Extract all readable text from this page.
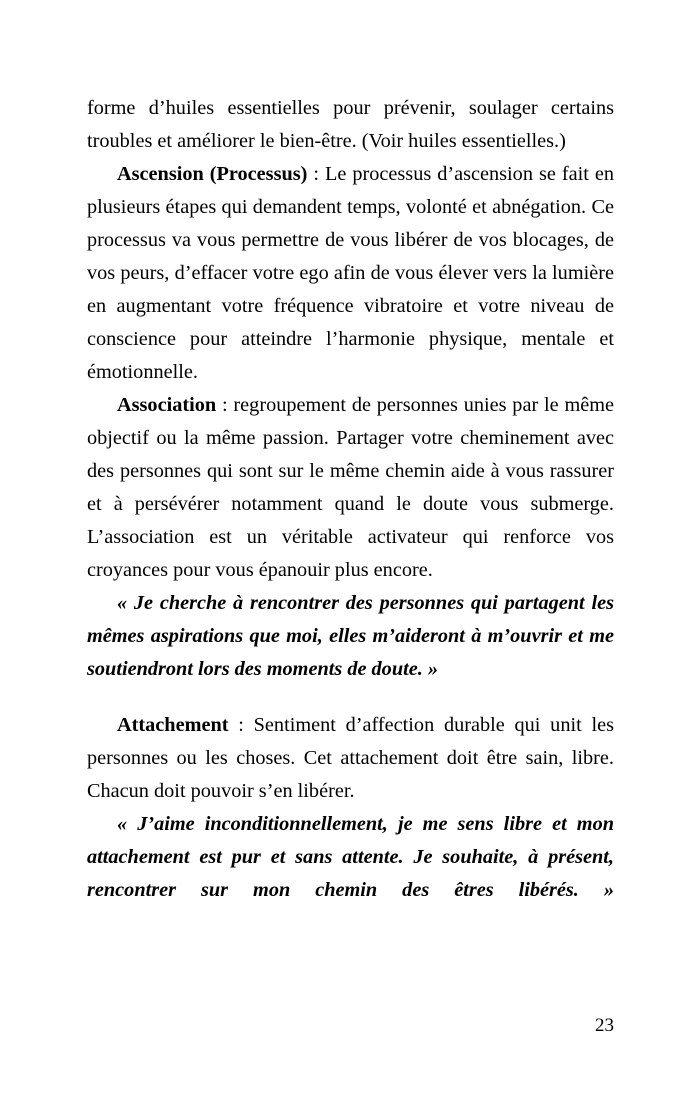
forme d’huiles essentielles pour prévenir, soulager certains troubles et améliorer le bien-être. (Voir huiles essentielles.)

Ascension (Processus) : Le processus d’ascension se fait en plusieurs étapes qui demandent temps, volonté et abnégation. Ce processus va vous permettre de vous libérer de vos blocages, de vos peurs, d’effacer votre ego afin de vous élever vers la lumière en augmentant votre fréquence vibratoire et votre niveau de conscience pour atteindre l’harmonie physique, mentale et émotionnelle.

Association : regroupement de personnes unies par le même objectif ou la même passion. Partager votre cheminement avec des personnes qui sont sur le même chemin aide à vous rassurer et à persévérer notamment quand le doute vous submerge. L’association est un véritable activateur qui renforce vos croyances pour vous épanouir plus encore.

« Je cherche à rencontrer des personnes qui partagent les mêmes aspirations que moi, elles m’aideront à m’ouvrir et me soutiendront lors des moments de doute. »

Attachement : Sentiment d’affection durable qui unit les personnes ou les choses. Cet attachement doit être sain, libre. Chacun doit pouvoir s’en libérer.

« J’aime inconditionnellement, je me sens libre et mon attachement est pur et sans attente. Je souhaite, à présent, rencontrer sur mon chemin des êtres libérés. »

23
